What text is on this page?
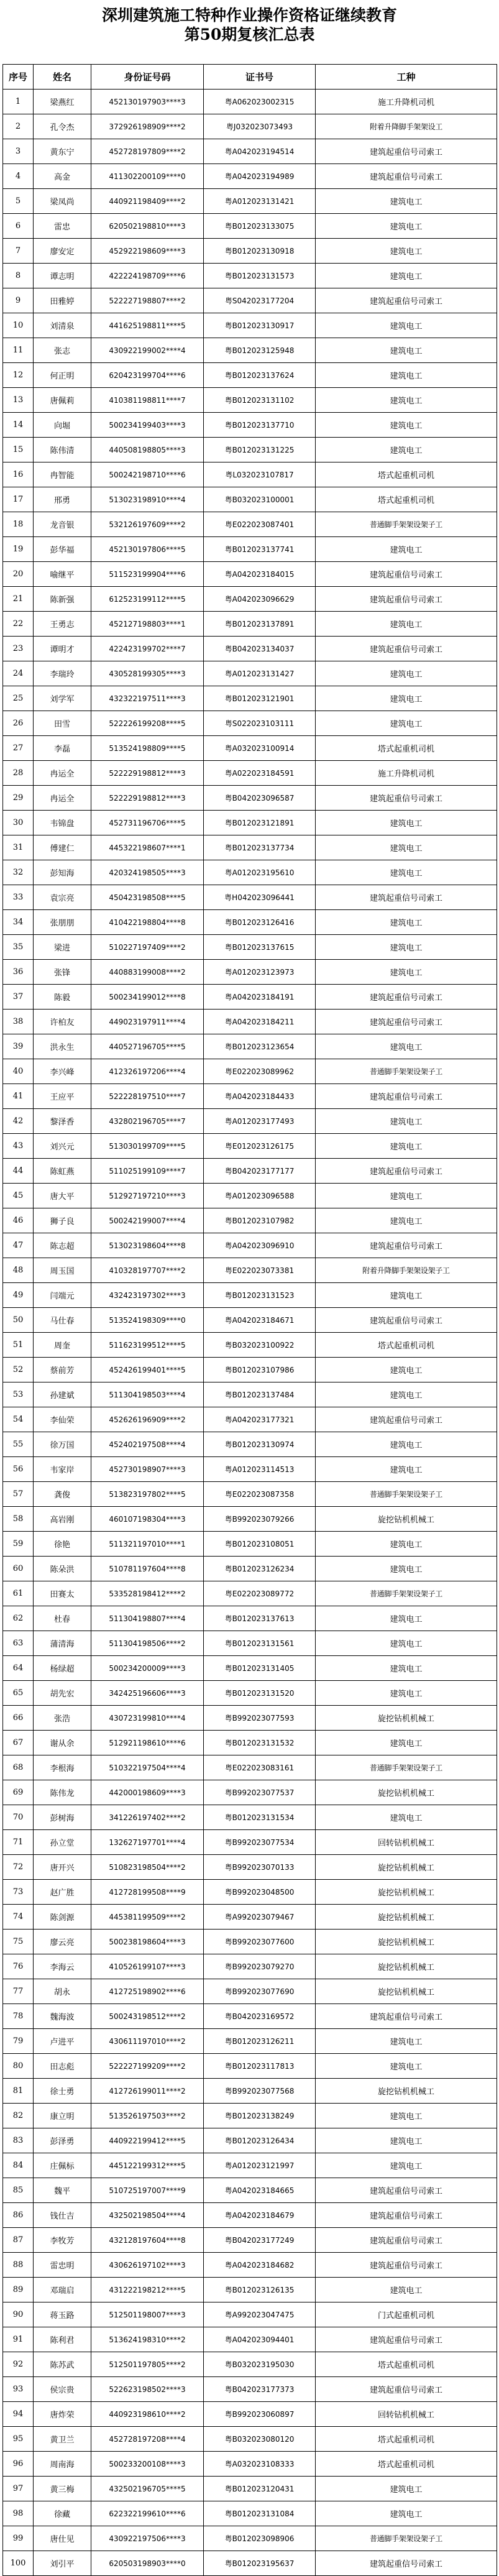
深圳建筑施工特种作业操作资格证继续教育
第50期复核汇总表
序号	姓名	身份证号码	证书号	工种
1	梁燕红	452130197903****3	粤A062023002315	施工升降机司机
2	孔令杰	372926198909****2	粤J032023073493	附着升降脚手架架设工
3	黄东宁	452728197809****2	粤A042023194514	建筑起重信号司索工
4	高金	411302200109****0	粤A042023194989	建筑起重信号司索工
5	梁凤尚	440921198409****2	粤A012023131421	建筑电工
6	雷忠	620502198810****3	粤B012023133075	建筑电工
7	廖安定	452922198609****3	粤B012023130918	建筑电工
8	谭志明	422224198709****6	粤B012023131573	建筑电工
9	田雅婷	522227198807****2	粤S042023177204	建筑起重信号司索工
10	刘清泉	441625198811****5	粤B012023130917	建筑电工
11	张志	430922199002****4	粤B012023125948	建筑电工
12	何正明	620423199704****6	粤B012023137624	建筑电工
13	唐佩莉	410381198811****7	粤B012023131102	建筑电工
14	向堀	500234199403****3	粤B012023137710	建筑电工
15	陈伟清	440508198805****3	粤B012023131225	建筑电工
16	冉智能	500242198710****6	粤L032023107817	塔式起重机司机
17	邢勇	513023198910****4	粤B032023100001	塔式起重机司机
18	龙音银	532126197609****2	粤E022023087401	普通脚手架架设架子工
19	彭华福	452130197806****5	粤B012023137741	建筑电工
20	喻继平	511523199904****6	粤A042023184015	建筑起重信号司索工
21	陈新强	612523199112****5	粤A042023096629	建筑起重信号司索工
22	王勇志	452127198803****1	粤B012023137891	建筑电工
23	谭明才	422423199702****7	粤B042023134037	建筑起重信号司索工
24	李瑞玲	430528199305****3	粤A012023131427	建筑电工
25	刘学军	432322197511****3	粤B012023121901	建筑电工
26	田雪	522226199208****5	粤S022023103111	建筑电工
27	李磊	513524198809****5	粤A032023100914	塔式起重机司机
28	冉运全	522229198812****3	粤A022023184591	施工升降机司机
29	冉运全	522229198812****3	粤B042023096587	建筑起重信号司索工
30	韦锦盘	452731196706****5	粤B012023121891	建筑电工
31	傅建仁	445322198607****1	粤B012023137734	建筑电工
32	彭知海	420324198505****3	粤A012023195610	建筑电工
33	袁宗亮	450423198508****5	粤H042023096441	建筑起重信号司索工
34	张朋朋	410422198804****8	粤B012023126416	建筑电工
35	梁进	510227197409****2	粤B012023137615	建筑电工
36	张锋	440883199008****2	粤A012023123973	建筑电工
37	陈毅	500234199012****8	粤A042023184191	建筑起重信号司索工
38	许柏友	449023197911****4	粤A042023184211	建筑起重信号司索工
39	洪永生	440527196705****5	粤B012023123654	建筑电工
40	李兴峰	412326197206****4	粤E022023089962	普通脚手架架设架子工
41	王应平	522228197510****7	粤A042023184433	建筑起重信号司索工
42	黎泽香	432802196705****7	粤A012023177493	建筑电工
43	刘兴元	513030199709****5	粤E012023126175	建筑电工
44	陈虹燕	511025199109****7	粤B042023177177	建筑起重信号司索工
45	唐大平	512927197210****3	粤A012023096588	建筑电工
46	狮子良	500242199007****4	粤B012023107982	建筑电工
47	陈志超	513023198604****8	粤A042023096910	建筑起重信号司索工
48	周玉国	410328197707****2	粤E022023073381	附着升降脚手架架设架子工
49	闫端元	432423197302****3	粤B012023131523	建筑电工
50	马仕春	513524198309****0	粤A042023184671	建筑起重信号司索工
51	周奎	511623199512****5	粤B032023100922	塔式起重机司机
52	蔡前芳	452426199401****5	粤B012023107986	建筑电工
53	孙建斌	511304198503****4	粤B012023137484	建筑电工
54	李仙荣	452626196909****2	粤A042023177321	建筑起重信号司索工
55	徐万国	452402197508****4	粤B012023130974	建筑电工
56	韦家岸	452730198907****3	粤A012023114513	建筑电工
57	龚俊	513823197802****5	粤E022023087358	普通脚手架架设架子工
58	高岩刚	460107198304****3	粤B992023079266	旋挖钻机机械工
59	徐艳	511321197010****1	粤B012023108051	建筑电工
60	陈朵洪	510781197604****8	粤B012023126234	建筑电工
61	田赛太	533528198412****2	粤E022023089772	普通脚手架架设架子工
62	杜春	511304198807****4	粤B012023137613	建筑电工
63	蒲清海	511304198506****2	粤B012023131561	建筑电工
64	杨绿超	500234200009****3	粤B012023131405	建筑电工
65	胡先宏	342425196606****3	粤B012023131520	建筑电工
66	张浩	430723199810****4	粤B992023077593	旋挖钻机机械工
67	谢从余	512921198610****6	粤B012023131532	建筑电工
68	李根海	510322197504****4	粤E022023083161	普通脚手架架设架子工
69	陈伟龙	442000198609****3	粤B992023077537	旋挖钻机机械工
70	彭树海	341226197402****2	粤B012023131534	建筑电工
71	孙立堂	132627197701****4	粤B992023077534	回转钻机机械工
72	唐开兴	510823198504****2	粤B992023070133	旋挖钻机机械工
73	赵广胜	412728199508****9	粤B992023048500	旋挖钻机机械工
74	陈剑源	445381199509****2	粤A992023079467	旋挖钻机机械工
75	廖云亮	500238198604****3	粤B992023077600	旋挖钻机机械工
76	李海云	410526199107****3	粤B992023079270	旋挖钻机机械工
77	胡永	412725198902****6	粤B992023077690	旋挖钻机机械工
78	魏海波	500243198512****2	粤B042023169572	建筑起重信号司索工
79	卢进平	430611197010****2	粤B012023126211	建筑电工
80	田志彪	522227199209****2	粤B012023117813	建筑电工
81	徐士勇	412726199011****2	粤B992023077568	旋挖钻机机械工
82	康立明	513526197503****2	粤B012023138249	建筑电工
83	彭泽勇	440922199412****5	粤B012023126434	建筑电工
84	庄佩标	445122199312****5	粤A012023121997	建筑电工
85	魏平	510725197007****9	粤A042023184665	建筑起重信号司索工
86	钱仕吉	432502198504****4	粤A042023184679	建筑起重信号司索工
87	李牧芳	432128197604****8	粤B042023177249	建筑起重信号司索工
88	雷忠明	430626197102****3	粤A042023184682	建筑起重信号司索工
89	邓瑞启	431222198212****5	粤B012023126135	建筑电工
90	蒋玉路	512501198007****3	粤A992023047475	门式起重机司机
91	陈利君	513624198310****2	粤A042023094401	建筑起重信号司索工
92	陈苏武	512501197805****2	粤B032023195030	塔式起重机司机
93	侯宗贵	522623198502****3	粤B042023177373	建筑起重信号司索工
94	唐炸荣	440923198610****2	粤B992023060897	回转钻机机械工
95	黄卫兰	452728197208****4	粤B032023080120	塔式起重机司机
96	周南海	500233200108****3	粤A032023108333	塔式起重机司机
97	黄三梅	432502196705****5	粤B012023120431	建筑电工
98	徐藏	622322199610****6	粤B012023131084	建筑电工
99	唐仕见	430922197506****3	粤B012023098906	普通脚手架架设架子工
100	刘引平	620503198903****0	粤B012023195637	建筑起重信号司索工
